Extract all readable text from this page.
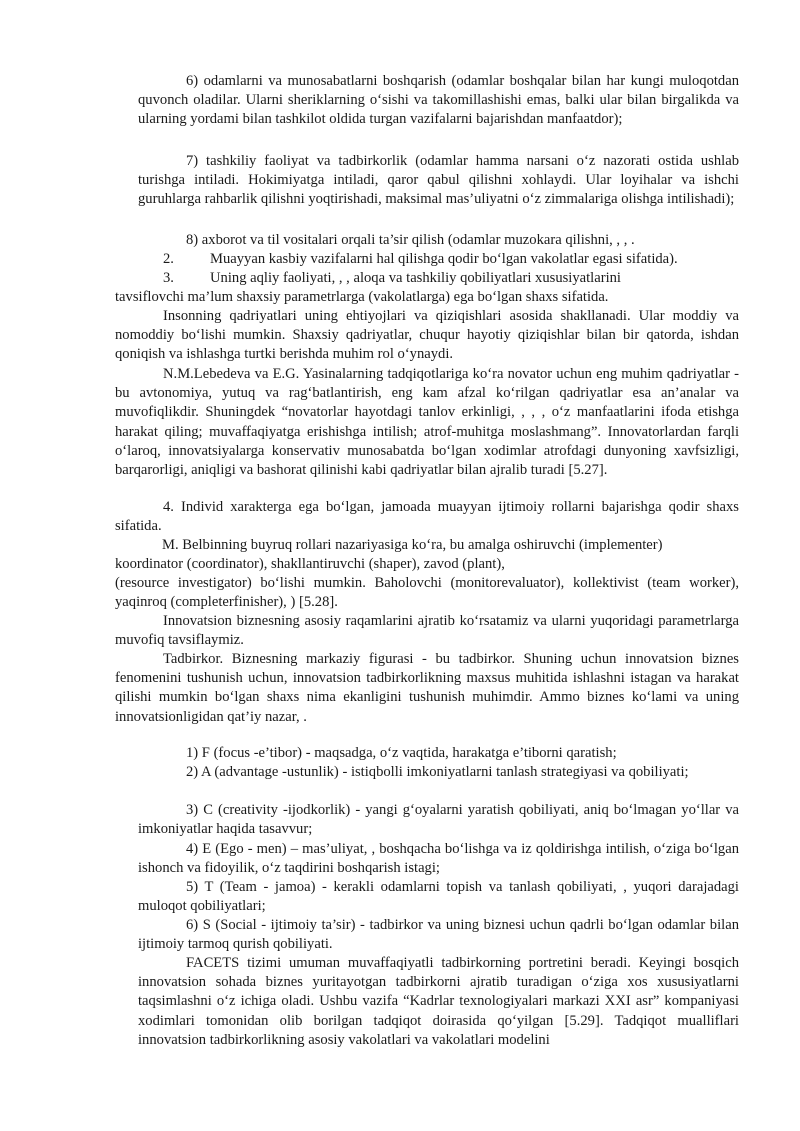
6) odamlarni va munosabatlarni boshqarish (odamlar boshqalar bilan har kungi muloqotdan quvonch oladilar. Ularni sheriklarning o‘sishi va takomillashishi emas, balki ular bilan birgalikda va ularning yordami bilan tashkilot oldida turgan vazifalarni bajarishdan manfaatdor);

7) tashkiliy faoliyat va tadbirkorlik (odamlar hamma narsani o‘z nazorati ostida ushlab turishga intiladi. Hokimiyatga intiladi, qaror qabul qilishni xohlaydi. Ular loyihalar va ishchi guruhlarga rahbarlik qilishni yoqtirishadi, maksimal mas’uliyatni o‘z zimmalariga olishga intilishadi);

8) axborot va til vositalari orqali ta’sir qilish (odamlar muzokara qilishni, , , .

2. Muayyan kasbiy vazifalarni hal qilishga qodir bo‘lgan vakolatlar egasi sifatida).
3. Uning aqliy faoliyati, , , aloqa va tashkiliy qobiliyatlari xususiyatlarini
tavsiflovchi ma’lum shaxsiy parametrlarga (vakolatlarga) ega bo‘lgan shaxs sifatida.

Insonning qadriyatlari uning ehtiyojlari va qiziqishlari asosida shakllanadi. Ular moddiy va nomoddiy bo‘lishi mumkin. Shaxsiy qadriyatlar, chuqur hayotiy qiziqishlar bilan bir qatorda, ishdan qoniqish va ishlashga turtki berishda muhim rol o‘ynaydi.

N.M.Lebedeva va E.G. Yasinalarning tadqiqotlariga ko‘ra novator uchun eng muhim qadriyatlar - bu avtonomiya, yutuq va rag‘batlantirish, eng kam afzal ko‘rilgan qadriyatlar esa an’analar va muvofiqlikdir. Shuningdek “novatorlar hayotdagi tanlov erkinligi, , , , o‘z manfaatlarini ifoda etishga harakat qiling; muvaffaqiyatga erishishga intilish; atrof-muhitga moslashmang”. Innovatorlardan farqli o‘laroq, innovatsiyalarga konservativ munosabatda bo‘lgan xodimlar atrofdagi dunyoning xavfsizligi, barqarorligi, aniqligi va bashorat qilinishi kabi qadriyatlar bilan ajralib turadi [5.27].

4. Individ xarakterga ega bo‘lgan, jamoada muayyan ijtimoiy rollarni bajarishga qodir shaxs sifatida.

M. Belbinning buyruq rollari nazariyasiga ko‘ra, bu amalga oshiruvchi (implementer)
koordinator (coordinator), shakllantiruvchi (shaper), zavod (plant),

(resource investigator) bo‘lishi mumkin. Baholovchi (monitorevaluator), kollektivist (team worker), yaqinroq (completerfinisher), ) [5.28].

Innovatsion biznesning asosiy raqamlarini ajratib ko‘rsatamiz va ularni yuqoridagi parametrlarga muvofiq tavsiflaymiz.

Tadbirkor. Biznesning markaziy figurasi - bu tadbirkor. Shuning uchun innovatsion biznes fenomenini tushunish uchun, innovatsion tadbirkorlikning maxsus muhitida ishlashni istagan va harakat qilishi mumkin bo‘lgan shaxs nima ekanligini tushunish muhimdir. Ammo biznes ko‘lami va uning innovatsionligidan qat’iy nazar, .

1) F (focus -e’tibor) - maqsadga, o‘z vaqtida, harakatga e’tiborni qaratish;

2) A (advantage -ustunlik) - istiqbolli imkoniyatlarni tanlash strategiyasi va qobiliyati;

3) C (creativity -ijodkorlik) - yangi g‘oyalarni yaratish qobiliyati, aniq bo‘lmagan yo‘llar va imkoniyatlar haqida tasavvur;

4) E (Ego - men) – mas’uliyat, , boshqacha bo‘lishga va iz qoldirishga intilish, o‘ziga bo‘lgan ishonch va fidoyilik, o‘z taqdirini boshqarish istagi;

5) T (Team - jamoa) - kerakli odamlarni topish va tanlash qobiliyati, , yuqori darajadagi muloqot qobiliyatlari;

6) S (Social - ijtimoiy ta’sir) - tadbirkor va uning biznesi uchun qadrli bo‘lgan odamlar bilan ijtimoiy tarmoq qurish qobiliyati.

FACETS tizimi umuman muvaffaqiyatli tadbirkorning portretini beradi. Keyingi bosqich innovatsion sohada biznes yuritayotgan tadbirkorni ajratib turadigan o‘ziga xos xususiyatlarni taqsimlashni o‘z ichiga oladi. Ushbu vazifa “Kadrlar texnologiyalari markazi XXI asr” kompaniyasi xodimlari tomonidan olib borilgan tadqiqot doirasida qo‘yilgan [5.29]. Tadqiqot mualliflari innovatsion tadbirkorlikning asosiy vakolatlari va vakolatlari modelini
